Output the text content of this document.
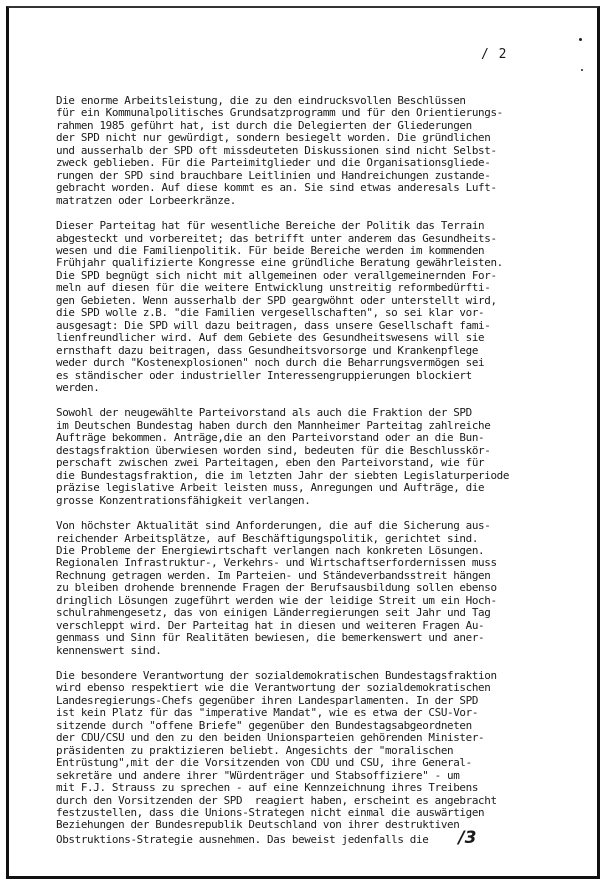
/ 2

Die enorme Arbeitsleistung, die zu den eindrucksvollen Beschlüssen
für ein Kommunalpolitisches Grundsatzprogramm und für den Orientierungs-
rahmen 1985 geführt hat, ist durch die Delegierten der Gliederungen
der SPD nicht nur gewürdigt, sondern besiegelt worden. Die gründlichen
und ausserhalb der SPD oft missdeuteten Diskussionen sind nicht Selbst-
zweck geblieben. Für die Parteimitglieder und die Organisationsgliede-
rungen der SPD sind brauchbare Leitlinien und Handreichungen zustande-
gebracht worden. Auf diese kommt es an. Sie sind etwas anderesals Luft-
matratzen oder Lorbeerkränze.

Dieser Parteitag hat für wesentliche Bereiche der Politik das Terrain
abgesteckt und vorbereitet; das betrifft unter anderem das Gesundheits-
wesen und die Familienpolitik. Für beide Bereiche werden im kommenden
Frühjahr qualifizierte Kongresse eine gründliche Beratung gewährleisten.
Die SPD begnügt sich nicht mit allgemeinen oder verallgemeinernden For-
meln auf diesen für die weitere Entwicklung unstreitig reformbedürfti-
gen Gebieten. Wenn ausserhalb der SPD geargwöhnt oder unterstellt wird,
die SPD wolle z.B. "die Familien vergesellschaften", so sei klar vor-
ausgesagt: Die SPD will dazu beitragen, dass unsere Gesellschaft fami-
lienfreundlicher wird. Auf dem Gebiete des Gesundheitswesens will sie
ernsthaft dazu beitragen, dass Gesundheitsvorsorge und Krankenpflege
weder durch "Kostenexplosionen" noch durch die Beharrungsvermögen sei
es ständischer oder industrieller Interessengruppierungen blockiert
werden.

Sowohl der neugewählte Parteivorstand als auch die Fraktion der SPD
im Deutschen Bundestag haben durch den Mannheimer Parteitag zahlreiche
Aufträge bekommen. Anträge,die an den Parteivorstand oder an die Bun-
destagsfraktion überwiesen worden sind, bedeuten für die Beschlusskör-
perschaft zwischen zwei Parteitagen, eben den Parteivorstand, wie für
die Bundestagsfraktion, die im letzten Jahr der siebten Legislaturperiode
präzise legislative Arbeit leisten muss, Anregungen und Aufträge, die
grosse Konzentrationsfähigkeit verlangen.

Von höchster Aktualität sind Anforderungen, die auf die Sicherung aus-
reichender Arbeitsplätze, auf Beschäftigungspolitik, gerichtet sind.
Die Probleme der Energiewirtschaft verlangen nach konkreten Lösungen.
Regionalen Infrastruktur-, Verkehrs- und Wirtschaftserfordernissen muss
Rechnung getragen werden. Im Parteien- und Ständeverbandsstreit hängen
zu bleiben drohende brennende Fragen der Berufsausbildung sollen ebenso
dringlich Lösungen zugeführt werden wie der leidige Streit um ein Hoch-
schulrahmengesetz, das von einigen Länderregierungen seit Jahr und Tag
verschleppt wird. Der Parteitag hat in diesen und weiteren Fragen Au-
genmass und Sinn für Realitäten bewiesen, die bemerkenswert und aner-
kennenswert sind.

Die besondere Verantwortung der sozialdemokratischen Bundestagsfraktion
wird ebenso respektiert wie die Verantwortung der sozialdemokratischen
Landesregierungs-Chefs gegenüber ihren Landesparlamenten. In der SPD
ist kein Platz für das "imperative Mandat", wie es etwa der CSU-Vor-
sitzende durch "offene Briefe" gegenüber den Bundestagsabgeordneten
der CDU/CSU und den zu den beiden Unionsparteien gehörenden Minister-
präsidenten zu praktizieren beliebt. Angesichts der "moralischen
Entrüstung",mit der die Vorsitzenden von CDU und CSU, ihre General-
sekretäre und andere ihrer "Würdenträger und Stabsoffiziere" - um
mit F.J. Strauss zu sprechen - auf eine Kennzeichnung ihres Treibens
durch den Vorsitzenden der SPD  reagiert haben, erscheint es angebracht
festzustellen, dass die Unions-Strategen nicht einmal die auswärtigen
Beziehungen der Bundesrepublik Deutschland von ihrer destruktiven
Obstruktions-Strategie ausnehmen. Das beweist jedenfalls die /3
